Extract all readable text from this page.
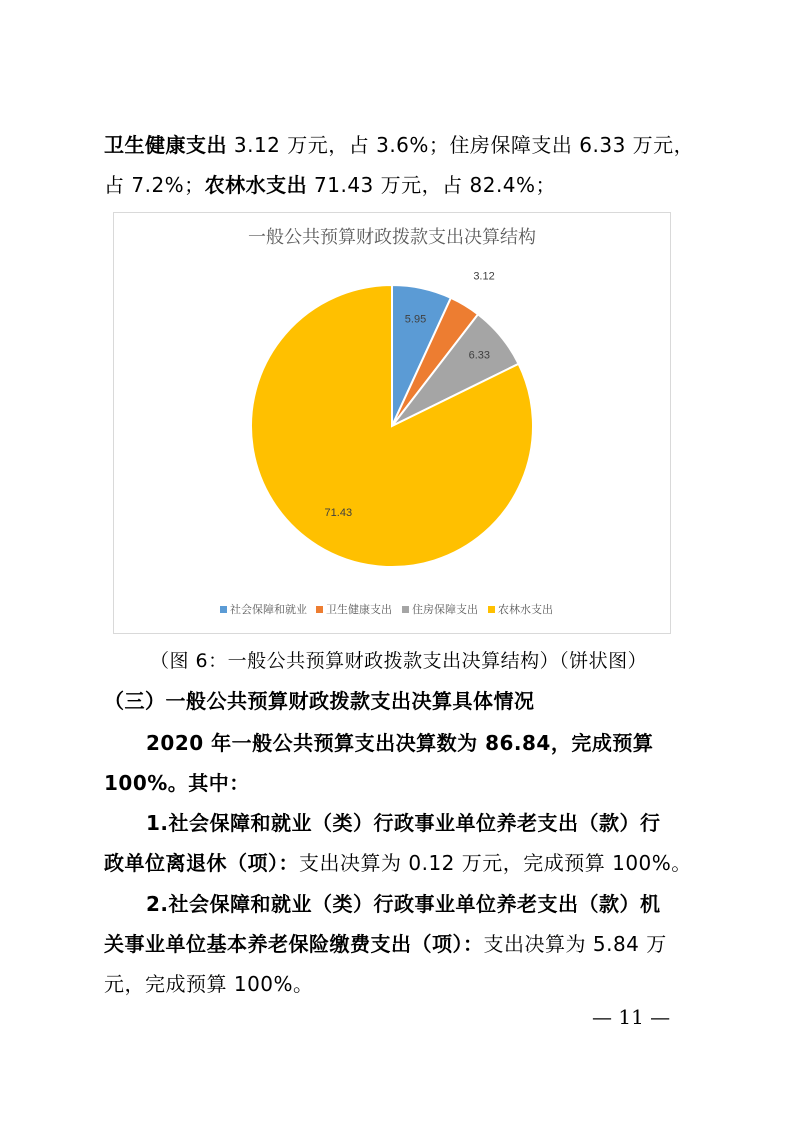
卫生健康支出 3.12 万元，占 3.6%；住房保障支出 6.33 万元，
占 7.2%；农林水支出 71.43 万元，占 82.4%；
一般公共预算财政拨款支出决算结构
5.95
3.12
6.33
71.43
社会保障和就业 卫生健康支出 住房保障支出 农林水支出
（图 6：一般公共预算财政拨款支出决算结构）（饼状图）
（三）一般公共预算财政拨款支出决算具体情况
2020 年一般公共预算支出决算数为 86.84，完成预算
100%。其中：
1.社会保障和就业（类）行政事业单位养老支出（款）行
政单位离退休（项）：支出决算为 0.12 万元，完成预算 100%。
2.社会保障和就业（类）行政事业单位养老支出（款）机
关事业单位基本养老保险缴费支出（项）：支出决算为 5.84 万
元，完成预算 100%。
— 11 —
